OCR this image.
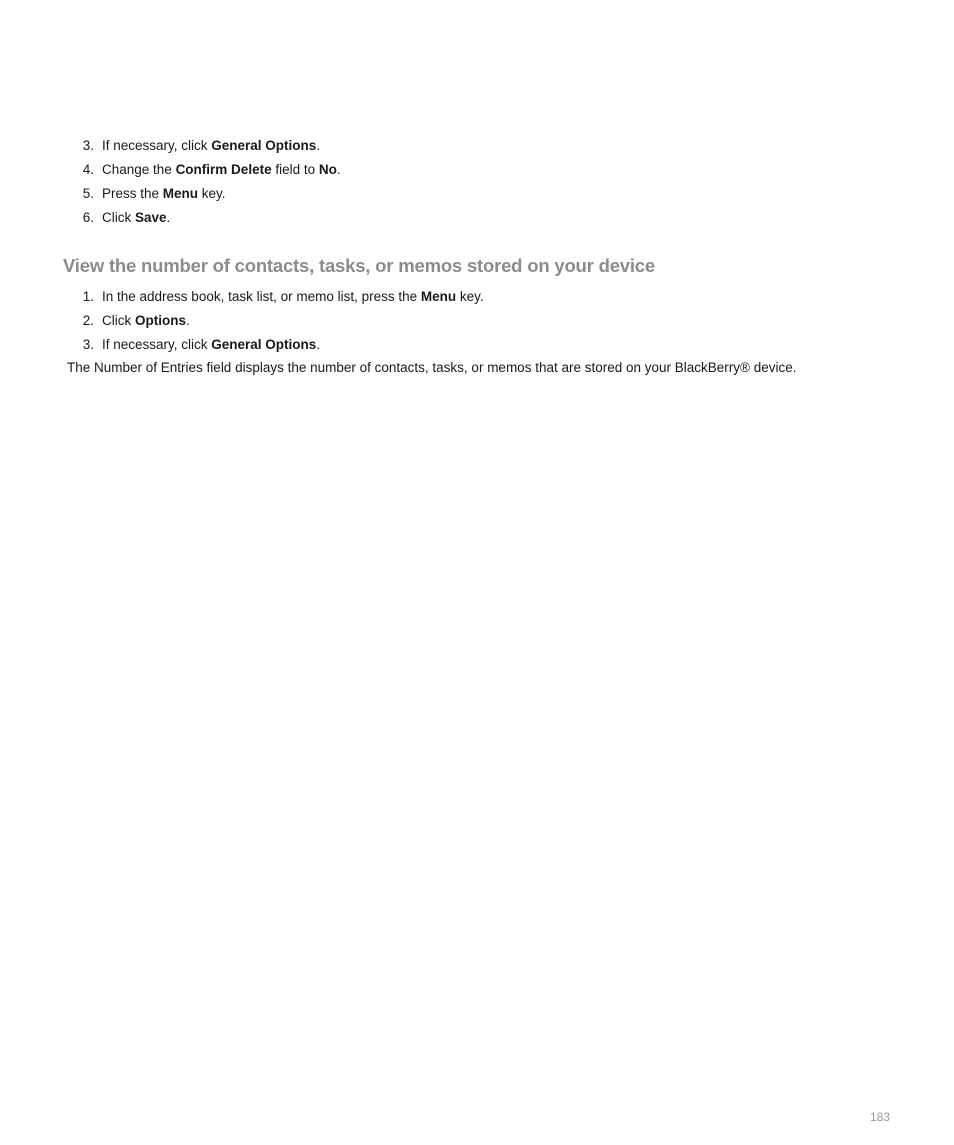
3. If necessary, click General Options.
4. Change the Confirm Delete field to No.
5. Press the Menu key.
6. Click Save.
View the number of contacts, tasks, or memos stored on your device
1. In the address book, task list, or memo list, press the Menu key.
2. Click Options.
3. If necessary, click General Options.

The Number of Entries field displays the number of contacts, tasks, or memos that are stored on your BlackBerry® device.

183
